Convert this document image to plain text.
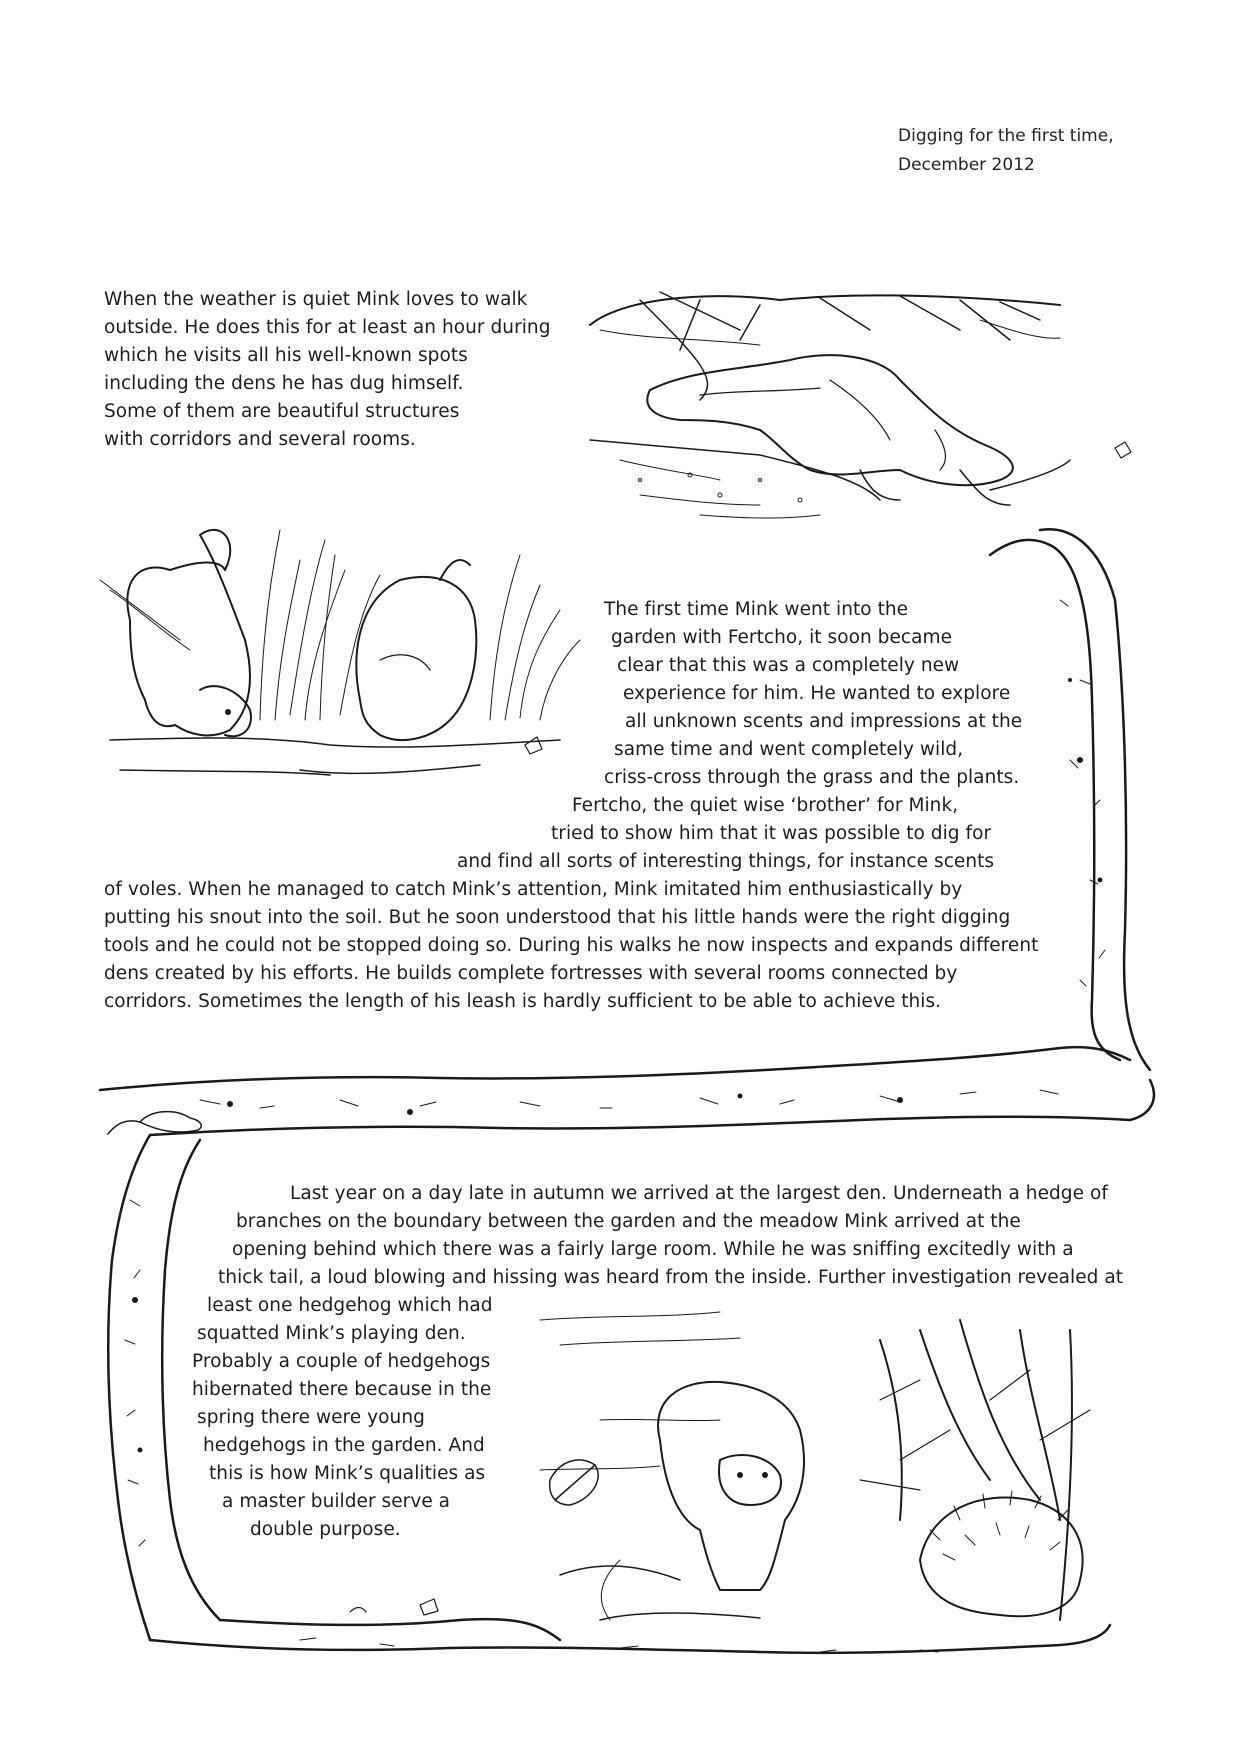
Digging for the first time,
December 2012
When the weather is quiet Mink loves to walk
outside. He does this for at least an hour during
which he visits all his well-known spots
including the dens he has dug himself.
Some of them are beautiful structures
with corridors and several rooms.
The first time Mink went into the
garden with Fertcho, it soon became
clear that this was a completely new
experience for him. He wanted to explore
all unknown scents and impressions at the
same time and went completely wild,
criss-cross through the grass and the plants.
Fertcho, the quiet wise ‘brother’ for Mink,
tried to show him that it was possible to dig for
and find all sorts of interesting things, for instance scents
of voles. When he managed to catch Mink’s attention, Mink imitated him enthusiastically by
putting his snout into the soil. But he soon understood that his little hands were the right digging
tools and he could not be stopped doing so. During his walks he now inspects and expands different
dens created by his efforts. He builds complete fortresses with several rooms connected by
corridors. Sometimes the length of his leash is hardly sufficient to be able to achieve this.
Last year on a day late in autumn we arrived at the largest den. Underneath a hedge of
branches on the boundary between the garden and the meadow Mink arrived at the
opening behind which there was a fairly large room. While he was sniffing excitedly with a
thick tail, a loud blowing and hissing was heard from the inside. Further investigation revealed at
least one hedgehog which had
squatted Mink’s playing den.
Probably a couple of hedgehogs
hibernated there because in the
spring there were young
hedgehogs in the garden. And
this is how Mink’s qualities as
a master builder serve a
double purpose.
